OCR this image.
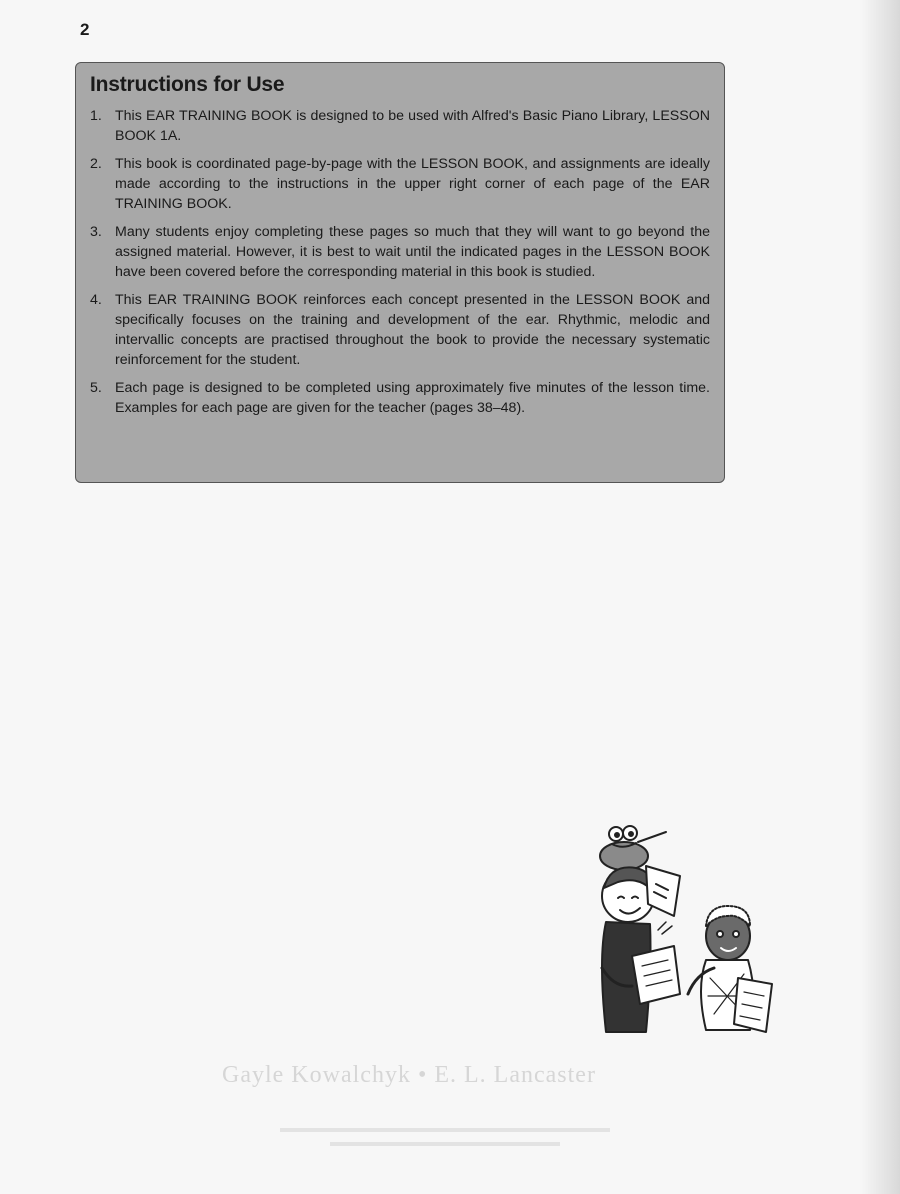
2
Instructions for Use
1. This EAR TRAINING BOOK is designed to be used with Alfred's Basic Piano Library, LESSON BOOK 1A.
2. This book is coordinated page-by-page with the LESSON BOOK, and assignments are ideally made according to the instructions in the upper right corner of each page of the EAR TRAINING BOOK.
3. Many students enjoy completing these pages so much that they will want to go beyond the assigned material. However, it is best to wait until the indicated pages in the LESSON BOOK have been covered before the corresponding material in this book is studied.
4. This EAR TRAINING BOOK reinforces each concept presented in the LESSON BOOK and specifically focuses on the training and development of the ear. Rhythmic, melodic and intervallic concepts are practised throughout the book to provide the necessary systematic reinforcement for the student.
5. Each page is designed to be completed using approximately five minutes of the lesson time. Examples for each page are given for the teacher (pages 38–48).
Gayle Kowalchyk • E. L. Lancaster
